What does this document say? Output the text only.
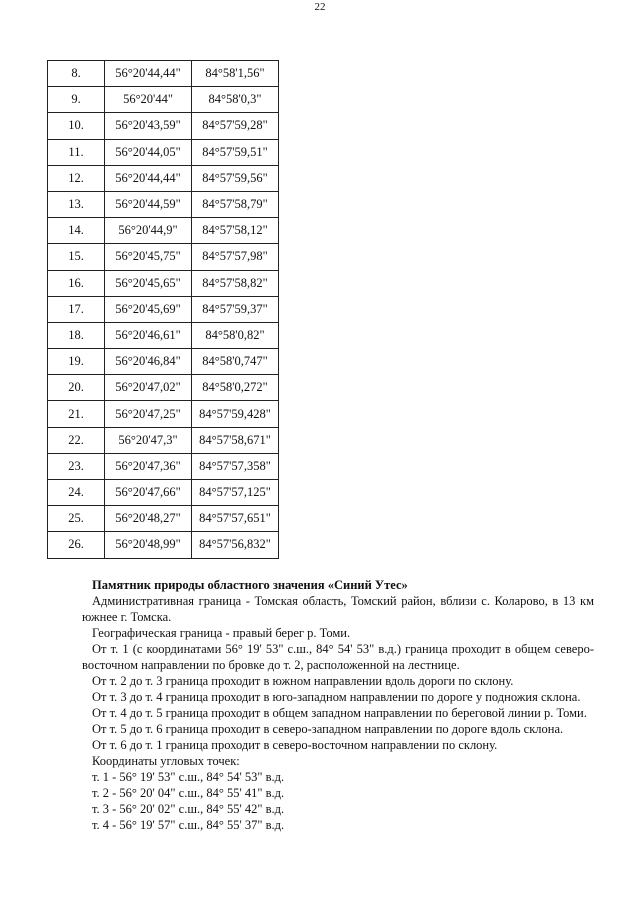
22
8.	56°20'44,44"	84°58'1,56"
9.	56°20'44"	84°58'0,3"
10.	56°20'43,59"	84°57'59,28"
11.	56°20'44,05"	84°57'59,51"
12.	56°20'44,44"	84°57'59,56"
13.	56°20'44,59"	84°57'58,79"
14.	56°20'44,9"	84°57'58,12"
15.	56°20'45,75"	84°57'57,98"
16.	56°20'45,65"	84°57'58,82"
17.	56°20'45,69"	84°57'59,37"
18.	56°20'46,61"	84°58'0,82"
19.	56°20'46,84"	84°58'0,747"
20.	56°20'47,02"	84°58'0,272"
21.	56°20'47,25"	84°57'59,428"
22.	56°20'47,3"	84°57'58,671"
23.	56°20'47,36"	84°57'57,358"
24.	56°20'47,66"	84°57'57,125"
25.	56°20'48,27"	84°57'57,651"
26.	56°20'48,99"	84°57'56,832"
Памятник природы областного значения «Синий Утес»

Административная граница - Томская область, Томский район, вблизи с. Коларово, в 13 км южнее г. Томска.

Географическая граница - правый берег р. Томи.

От т. 1 (с координатами 56° 19' 53" с.ш., 84° 54' 53" в.д.) граница проходит в общем северо-восточном направлении по бровке до т. 2, расположенной на лестнице.

От т. 2 до т. 3 граница проходит в южном направлении вдоль дороги по склону.

От т. 3 до т. 4 граница проходит в юго-западном направлении по дороге у подножия склона.

От т. 4 до т. 5 граница проходит в общем западном направлении по береговой линии р. Томи.

От т. 5 до т. 6 граница проходит в северо-западном направлении по дороге вдоль склона.

От т. 6 до т. 1 граница проходит в северо-восточном направлении по склону.

Координаты угловых точек:

т. 1 - 56° 19' 53" с.ш., 84° 54' 53" в.д.
т. 2 - 56° 20' 04" с.ш., 84° 55' 41" в.д.
т. 3 - 56° 20' 02" с.ш., 84° 55' 42" в.д.
т. 4 - 56° 19' 57" с.ш., 84° 55' 37" в.д.
